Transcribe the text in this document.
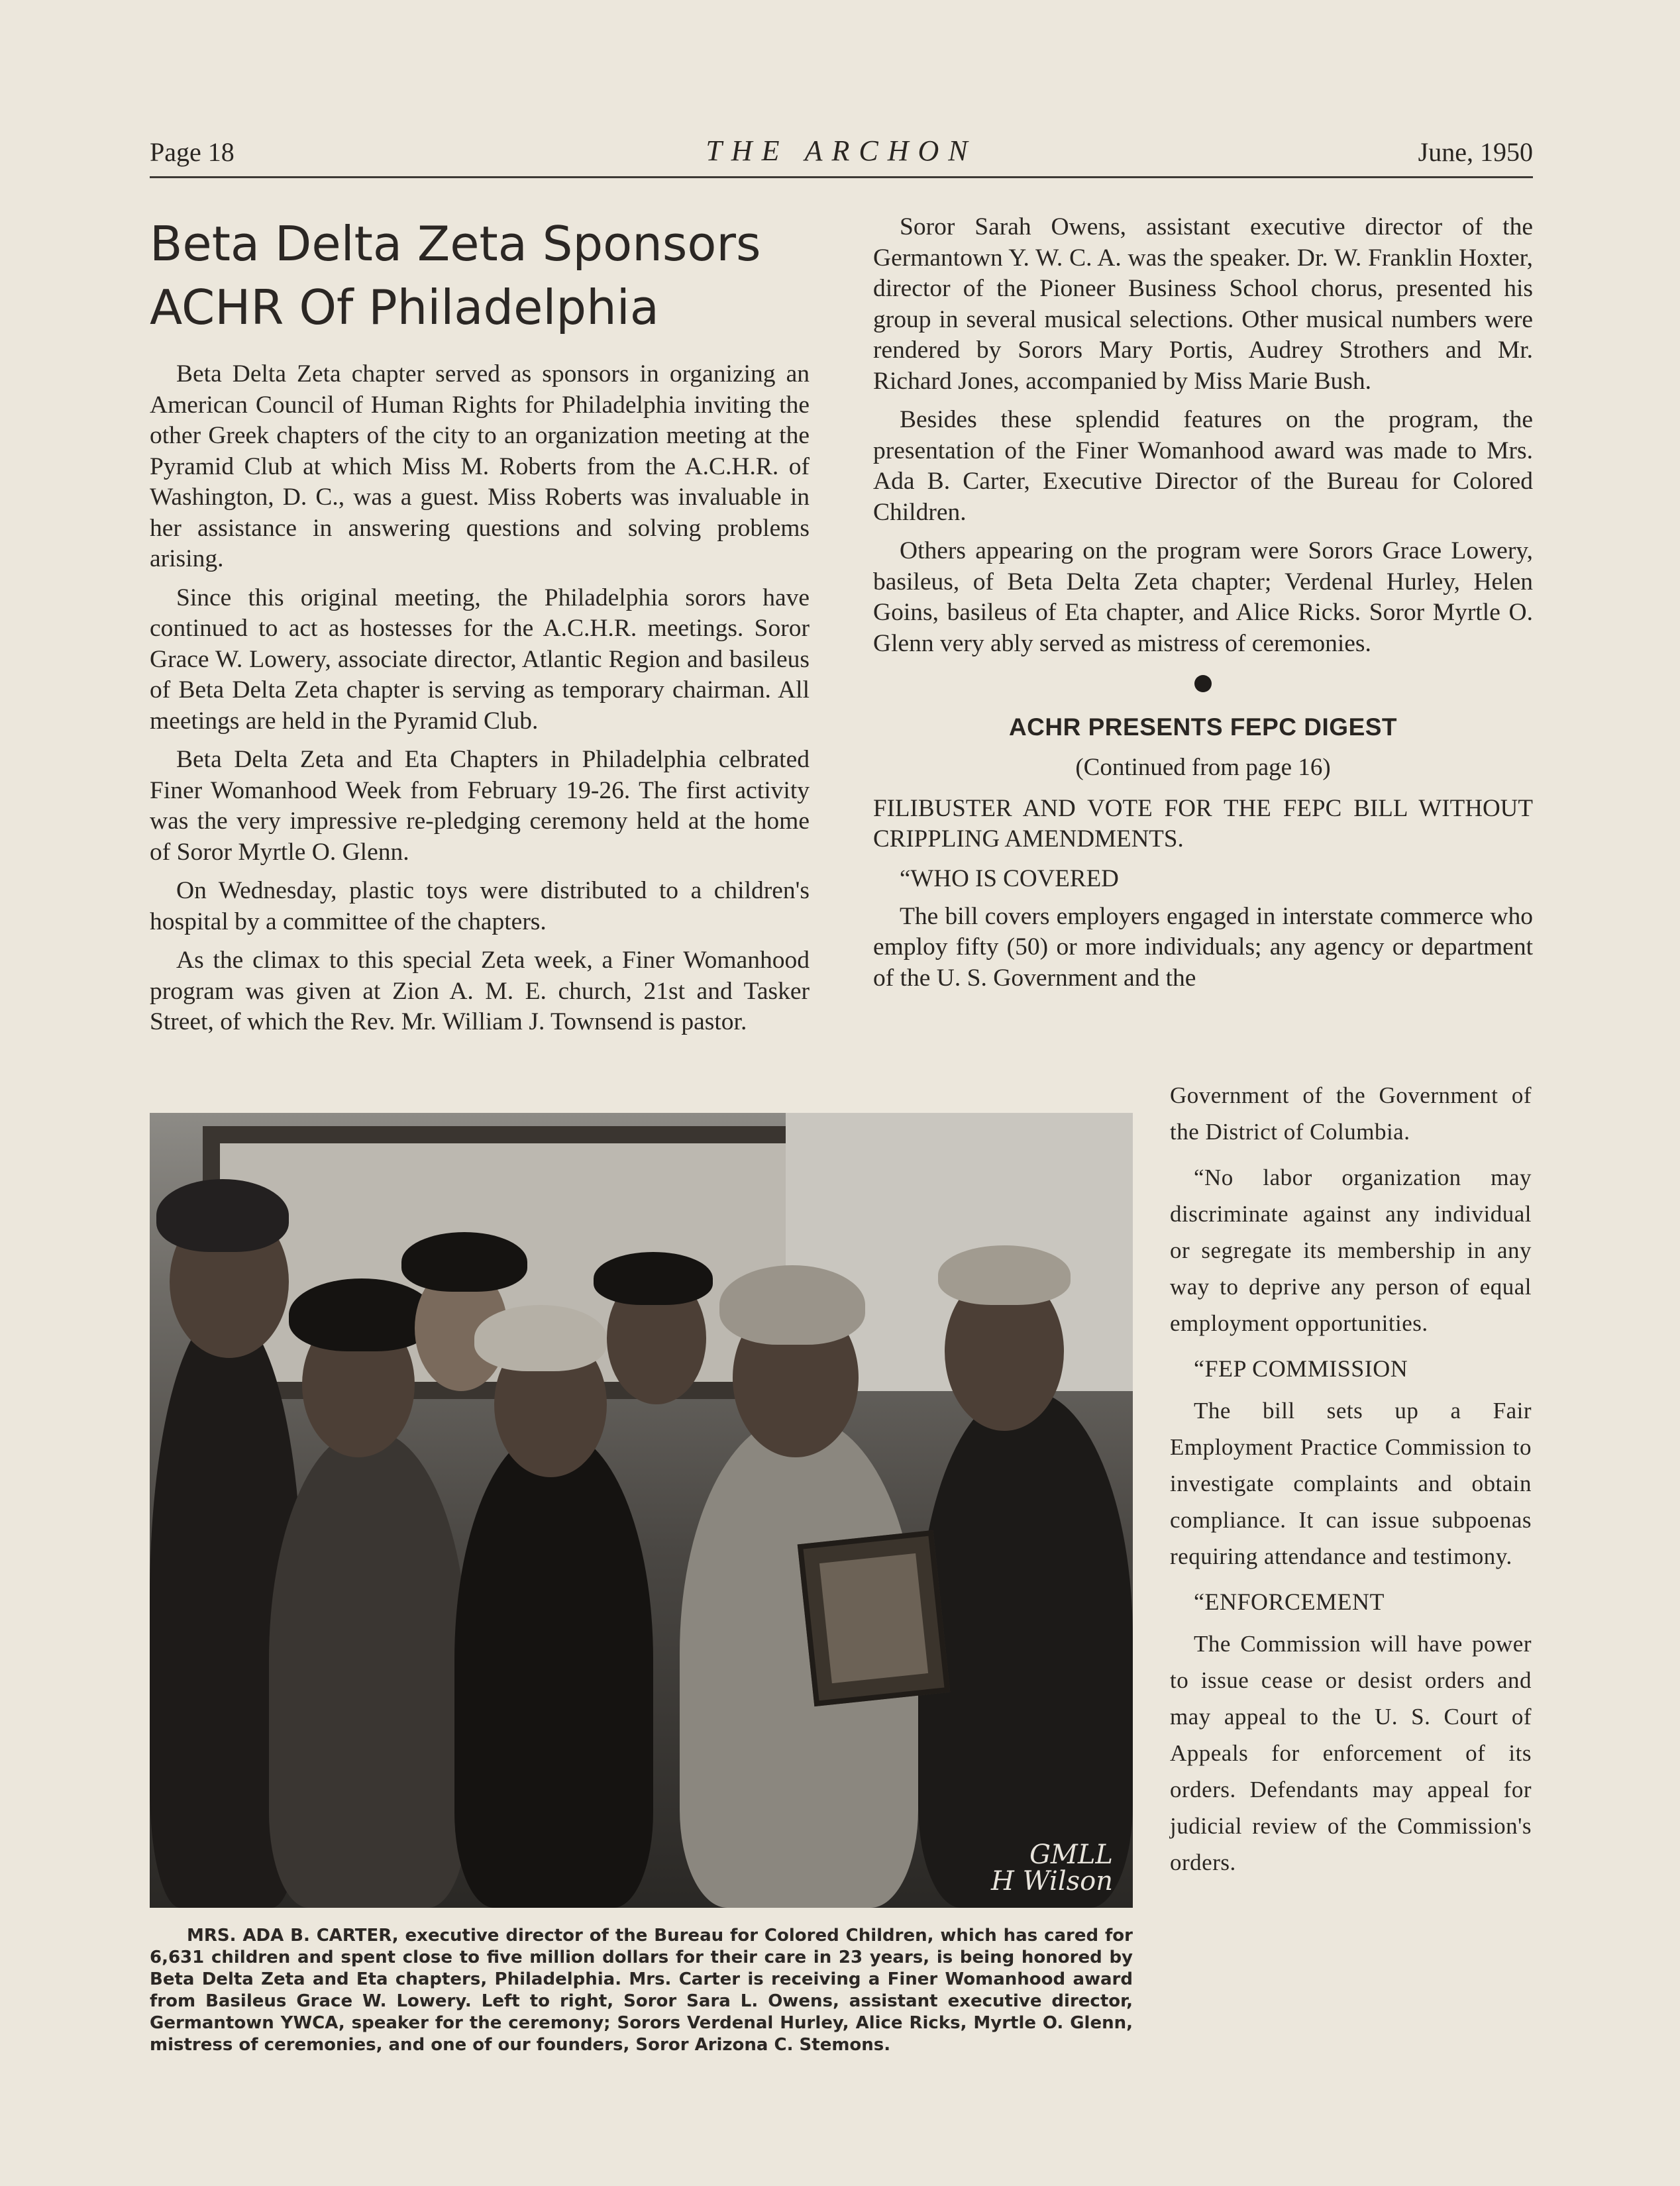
Page 18	THE ARCHON	June, 1950
Beta Delta Zeta Sponsors
ACHR Of Philadelphia

Beta Delta Zeta chapter served as sponsors in organizing an American Council of Human Rights for Philadelphia inviting the other Greek chapters of the city to an organization meeting at the Pyramid Club at which Miss M. Roberts from the A.C.H.R. of Washington, D. C., was a guest. Miss Roberts was invaluable in her assistance in answering questions and solving problems arising.

Since this original meeting, the Philadelphia sorors have continued to act as hostesses for the A.C.H.R. meetings. Soror Grace W. Lowery, associate director, Atlantic Region and basileus of Beta Delta Zeta chapter is serving as temporary chairman. All meetings are held in the Pyramid Club.

Beta Delta Zeta and Eta Chapters in Philadelphia celbrated Finer Womanhood Week from February 19-26. The first activity was the very impressive re-pledging ceremony held at the home of Soror Myrtle O. Glenn.

On Wednesday, plastic toys were distributed to a children's hospital by a committee of the chapters.

As the climax to this special Zeta week, a Finer Womanhood program was given at Zion A. M. E. church, 21st and Tasker Street, of which the Rev. Mr. William J. Townsend is pastor.

Soror Sarah Owens, assistant executive director of the Germantown Y. W. C. A. was the speaker. Dr. W. Franklin Hoxter, director of the Pioneer Business School chorus, presented his group in several musical selections. Other musical numbers were rendered by Sorors Mary Portis, Audrey Strothers and Mr. Richard Jones, accompanied by Miss Marie Bush.

Besides these splendid features on the program, the presentation of the Finer Womanhood award was made to Mrs. Ada B. Carter, Executive Director of the Bureau for Colored Children.

Others appearing on the program were Sorors Grace Lowery, basileus, of Beta Delta Zeta chapter; Verdenal Hurley, Helen Goins, basileus of Eta chapter, and Alice Ricks. Soror Myrtle O. Glenn very ably served as mistress of ceremonies.

ACHR PRESENTS FEPC DIGEST
(Continued from page 16)
FILIBUSTER AND VOTE FOR THE FEPC BILL WITHOUT CRIPPLING AMENDMENTS.
“WHO IS COVERED

The bill covers employers engaged in interstate commerce who employ fifty (50) or more individuals; any agency or department of the U. S. Government and the

Government of the Government of the District of Columbia.

“No labor organization may discriminate against any individual or segregate its membership in any way to deprive any person of equal employment opportunities.

“FEP COMMISSION

The bill sets up a Fair Employment Practice Commission to investigate complaints and obtain compliance. It can issue subpoenas requiring attendance and testimony.

“ENFORCEMENT

The Commission will have power to issue cease or desist orders and may appeal to the U. S. Court of Appeals for enforcement of its orders. Defendants may appeal for judicial review of the Commission's orders.

GMLL
H Wilson
MRS. ADA B. CARTER, executive director of the Bureau for Colored Children, which has cared for 6,631 children and spent close to five million dollars for their care in 23 years, is being honored by Beta Delta Zeta and Eta chapters, Philadelphia. Mrs. Carter is receiving a Finer Womanhood award from Basileus Grace W. Lowery. Left to right, Soror Sara L. Owens, assistant executive director, Germantown YWCA, speaker for the ceremony; Sorors Verdenal Hurley, Alice Ricks, Myrtle O. Glenn, mistress of ceremonies, and one of our founders, Soror Arizona C. Stemons.
